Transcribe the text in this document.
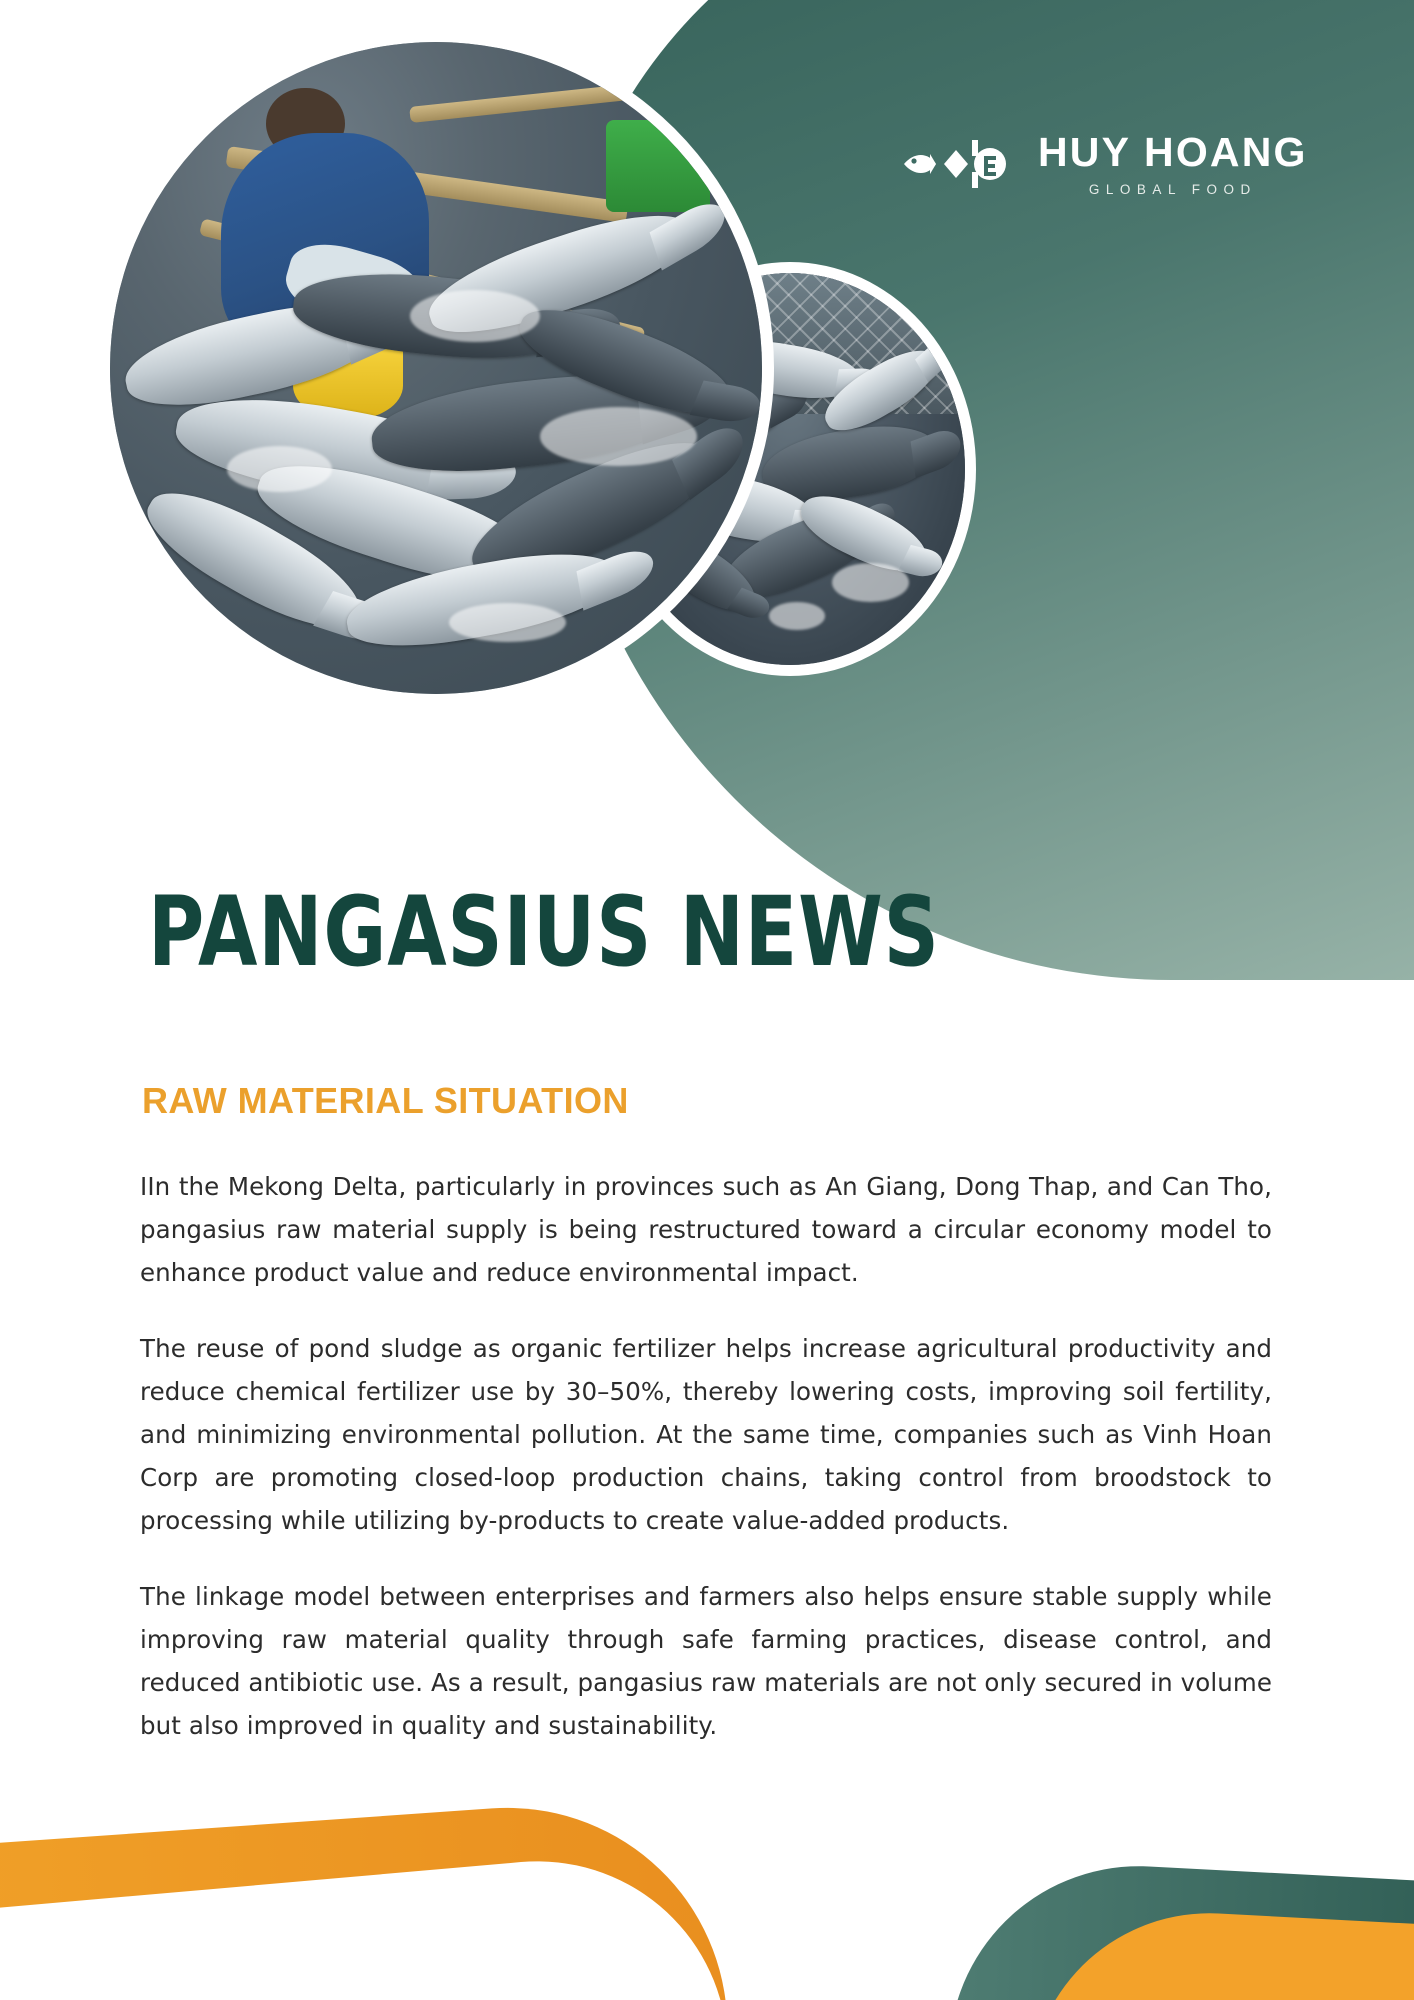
HUY HOANG
GLOBAL FOOD
PANGASIUS NEWS
RAW MATERIAL SITUATION

IIn the Mekong Delta, particularly in provinces such as An Giang, Dong Thap, and Can Tho, pangasius raw material supply is being restructured toward a circular economy model to enhance product value and reduce environmental impact.

The reuse of pond sludge as organic fertilizer helps increase agricultural productivity and reduce chemical fertilizer use by 30–50%, thereby lowering costs, improving soil fertility, and minimizing environmental pollution. At the same time, companies such as Vinh Hoan Corp are promoting closed-loop production chains, taking control from broodstock to processing while utilizing by-products to create value-added products.

The linkage model between enterprises and farmers also helps ensure stable supply while improving raw material quality through safe farming practices, disease control, and reduced antibiotic use. As a result, pangasius raw materials are not only secured in volume but also improved in quality and sustainability.
